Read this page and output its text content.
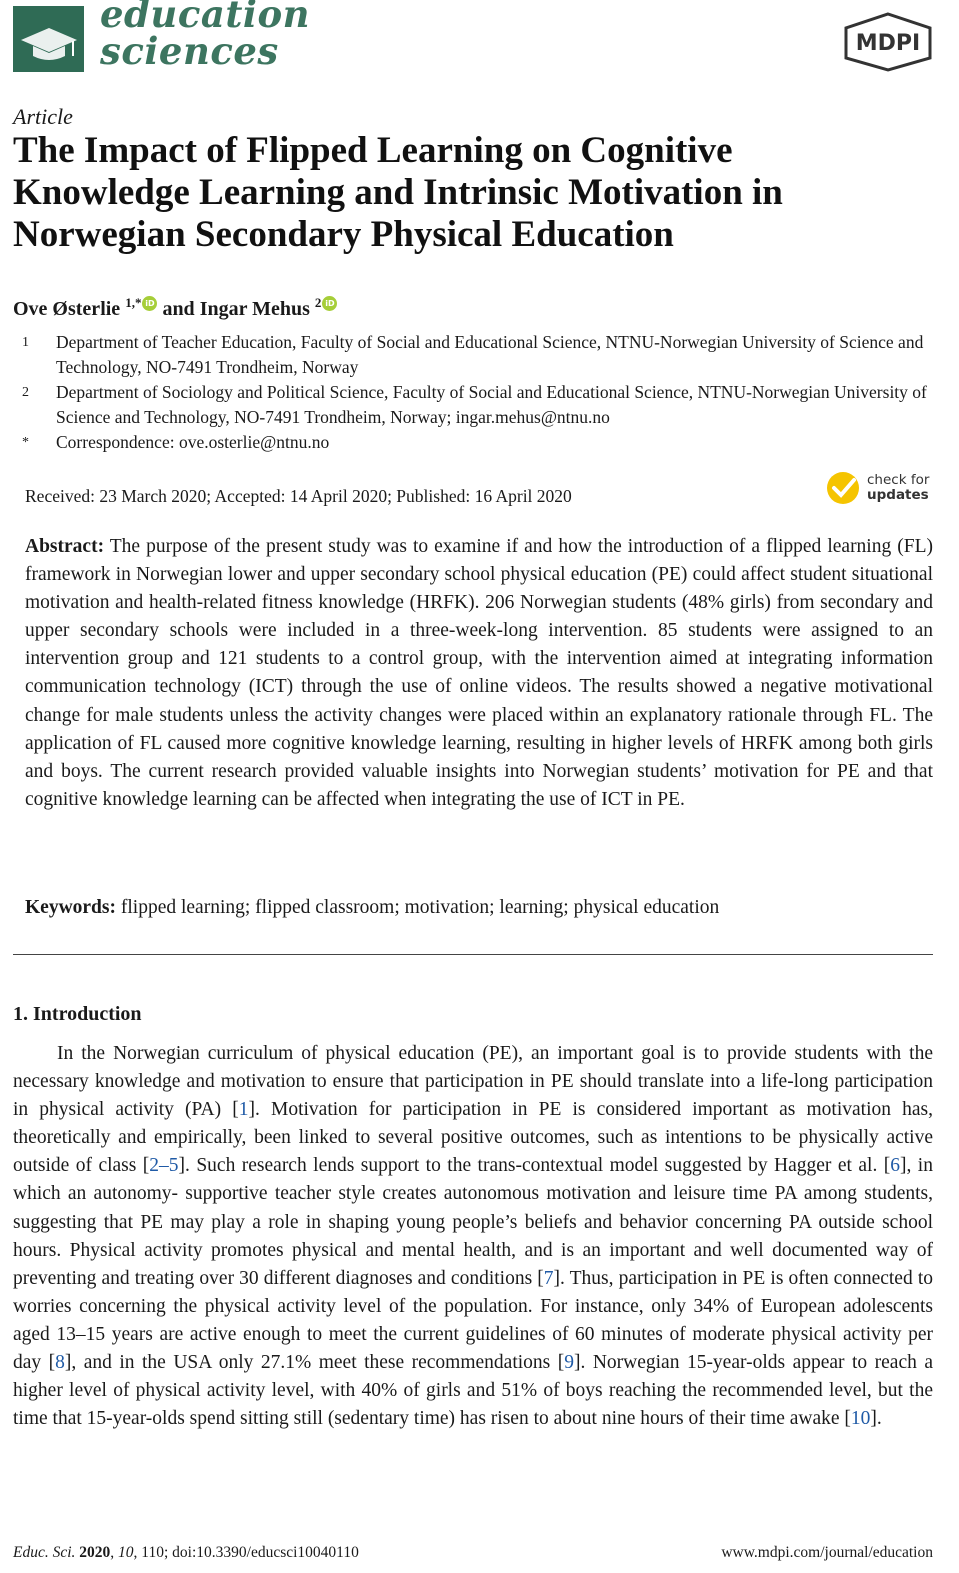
education
sciences	MDPI
Article
The Impact of Flipped Learning on Cognitive Knowledge Learning and Intrinsic Motivation in Norwegian Secondary Physical Education
Ove Østerlie $^{1,*}$ iD and Ingar Mehus $^2$ iD
1	Department of Teacher Education, Faculty of Social and Educational Science, NTNU-Norwegian University of Science and Technology, NO-7491 Trondheim, Norway
2	Department of Sociology and Political Science, Faculty of Social and Educational Science, NTNU-Norwegian University of Science and Technology, NO-7491 Trondheim, Norway; ingar.mehus@ntnu.no
*	Correspondence: ove.osterlie@ntnu.no
Received: 23 March 2020; Accepted: 14 April 2020; Published: 16 April 2020
check for
updates
Abstract: The purpose of the present study was to examine if and how the introduction of a flipped learning (FL) framework in Norwegian lower and upper secondary school physical education (PE) could affect student situational motivation and health-related fitness knowledge (HRFK). 206 Norwegian students (48% girls) from secondary and upper secondary schools were included in a three-week-long intervention. 85 students were assigned to an intervention group and 121 students to a control group, with the intervention aimed at integrating information communication technology (ICT) through the use of online videos. The results showed a negative motivational change for male students unless the activity changes were placed within an explanatory rationale through FL. The application of FL caused more cognitive knowledge learning, resulting in higher levels of HRFK among both girls and boys. The current research provided valuable insights into Norwegian students’ motivation for PE and that cognitive knowledge learning can be affected when integrating the use of ICT in PE.
Keywords: flipped learning; flipped classroom; motivation; learning; physical education
1. Introduction
In the Norwegian curriculum of physical education (PE), an important goal is to provide students with the necessary knowledge and motivation to ensure that participation in PE should translate into a life-long participation in physical activity (PA) [1]. Motivation for participation in PE is considered important as motivation has, theoretically and empirically, been linked to several positive outcomes, such as intentions to be physically active outside of class [2–5]. Such research lends support to the trans-contextual model suggested by Hagger et al. [6], in which an autonomy- supportive teacher style creates autonomous motivation and leisure time PA among students, suggesting that PE may play a role in shaping young people’s beliefs and behavior concerning PA outside school hours. Physical activity promotes physical and mental health, and is an important and well documented way of preventing and treating over 30 different diagnoses and conditions [7]. Thus, participation in PE is often connected to worries concerning the physical activity level of the population. For instance, only 34% of European adolescents aged 13–15 years are active enough to meet the current guidelines of 60 minutes of moderate physical activity per day [8], and in the USA only 27.1% meet these recommendations [9]. Norwegian 15-year-olds appear to reach a higher level of physical activity level, with 40% of girls and 51% of boys reaching the recommended level, but the time that 15-year-olds spend sitting still (sedentary time) has risen to about nine hours of their time awake [10].
Educ. Sci. 2020, 10, 110; doi:10.3390/educsci10040110	www.mdpi.com/journal/education
